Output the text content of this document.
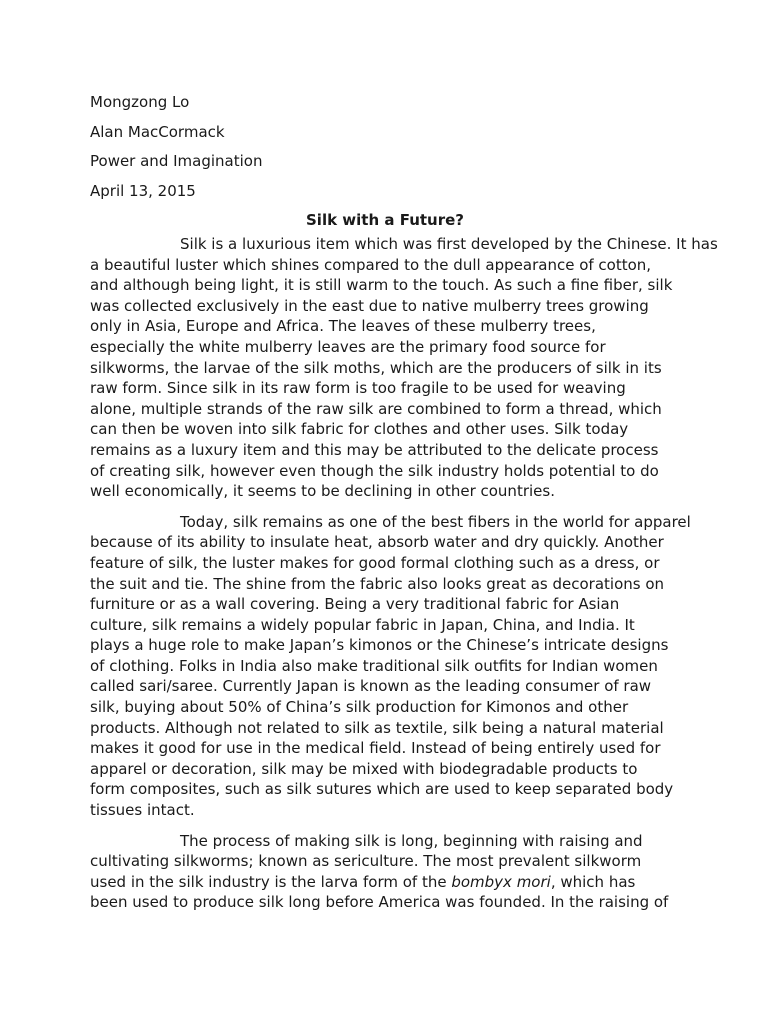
Mongzong Lo
Alan MacCormack
Power and Imagination
April 13, 2015
Silk with a Future?
Silk is a luxurious item which was first developed by the Chinese. It has
a beautiful luster which shines compared to the dull appearance of cotton,
and although being light, it is still warm to the touch. As such a fine fiber, silk
was collected exclusively in the east due to native mulberry trees growing
only in Asia, Europe and Africa. The leaves of these mulberry trees,
especially the white mulberry leaves are the primary food source for
silkworms, the larvae of the silk moths, which are the producers of silk in its
raw form. Since silk in its raw form is too fragile to be used for weaving
alone, multiple strands of the raw silk are combined to form a thread, which
can then be woven into silk fabric for clothes and other uses. Silk today
remains as a luxury item and this may be attributed to the delicate process
of creating silk, however even though the silk industry holds potential to do
well economically, it seems to be declining in other countries.
Today, silk remains as one of the best fibers in the world for apparel
because of its ability to insulate heat, absorb water and dry quickly. Another
feature of silk, the luster makes for good formal clothing such as a dress, or
the suit and tie. The shine from the fabric also looks great as decorations on
furniture or as a wall covering. Being a very traditional fabric for Asian
culture, silk remains a widely popular fabric in Japan, China, and India. It
plays a huge role to make Japan’s kimonos or the Chinese’s intricate designs
of clothing. Folks in India also make traditional silk outfits for Indian women
called sari/saree. Currently Japan is known as the leading consumer of raw
silk, buying about 50% of China’s silk production for Kimonos and other
products. Although not related to silk as textile, silk being a natural material
makes it good for use in the medical field. Instead of being entirely used for
apparel or decoration, silk may be mixed with biodegradable products to
form composites, such as silk sutures which are used to keep separated body
tissues intact.
The process of making silk is long, beginning with raising and
cultivating silkworms; known as sericulture. The most prevalent silkworm
used in the silk industry is the larva form of the bombyx mori, which has
been used to produce silk long before America was founded. In the raising of
